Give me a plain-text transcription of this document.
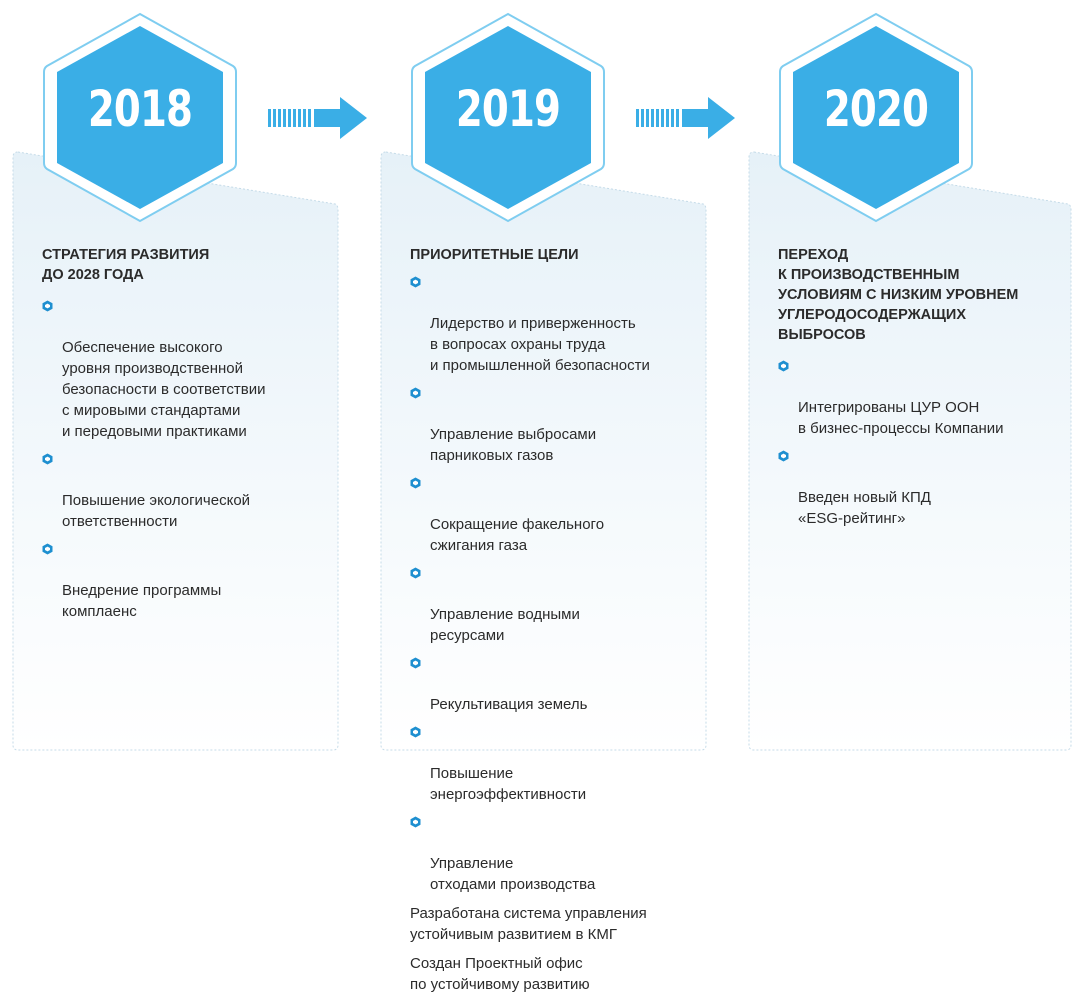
2018
СТРАТЕГИЯ РАЗВИТИЯ
ДО 2028 ГОДА

Обеспечение высокого
уровня производственной
безопасности в соответствии
с мировыми стандартами
и передовыми практиками

Повышение экологической
ответственности

Внедрение программы
комплаенс

2019
ПРИОРИТЕТНЫЕ ЦЕЛИ

Лидерство и приверженность
в вопросах охраны труда
и промышленной безопасности

Управление выбросами
парниковых газов

Сокращение факельного
сжигания газа

Управление водными
ресурсами

Рекультивация земель

Повышение
энергоэффективности

Управление
отходами производства

Разработана система управления
устойчивым развитием в КМГ
Создан Проектный офис
по устойчивому развитию
2020
ПЕРЕХОД
К ПРОИЗВОДСТВЕННЫМ
УСЛОВИЯМ С НИЗКИМ УРОВНЕМ
УГЛЕРОДОСОДЕРЖАЩИХ
ВЫБРОСОВ

Интегрированы ЦУР ООН
в бизнес-процессы Компании

Введен новый КПД
«ESG-рейтинг»
